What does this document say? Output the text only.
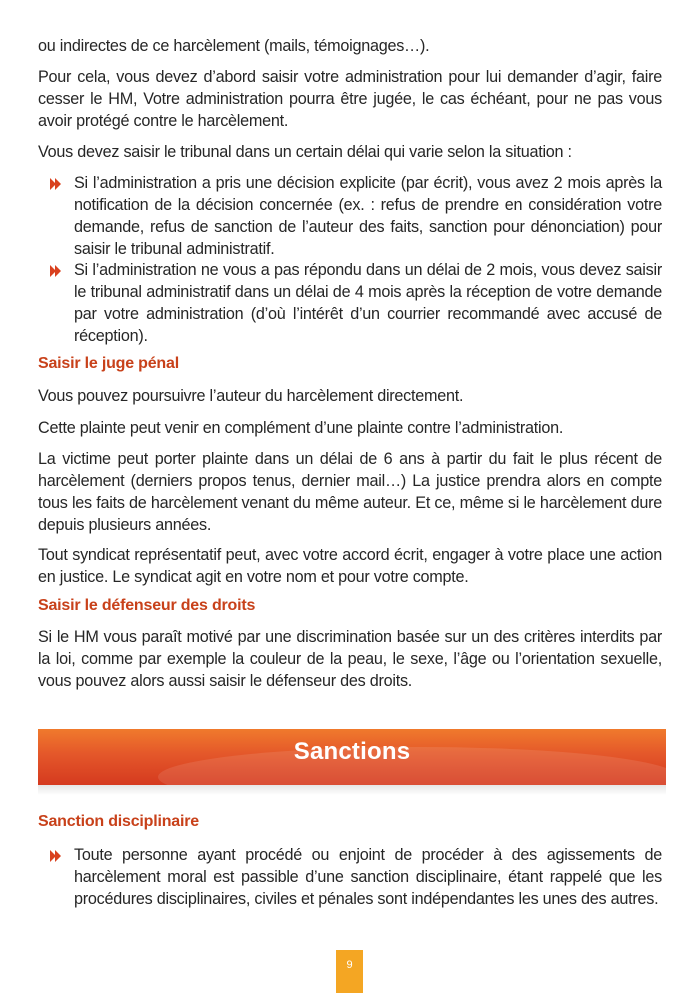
ou indirectes de ce harcèlement (mails, témoignages…).

Pour cela, vous devez d’abord saisir votre administration pour lui demander d’agir, faire cesser le HM, Votre administration pourra être jugée, le cas échéant, pour ne pas vous avoir protégé contre le harcèlement.

Vous devez saisir le tribunal dans un certain délai qui varie selon la situation :

Si l’administration a pris une décision explicite (par écrit), vous avez 2 mois après la notification de la décision concernée (ex. : refus de prendre en considération votre demande, refus de sanction de l’auteur des faits, sanction pour dénonciation) pour saisir le tribunal administratif.
Si l’administration ne vous a pas répondu dans un délai de 2 mois, vous devez saisir le tribunal administratif dans un délai de 4 mois après la réception de votre demande par votre administration (d’où l’intérêt d’un courrier recommandé avec accusé de réception).
Saisir le juge pénal

Vous pouvez poursuivre l’auteur du harcèlement directement.

Cette plainte peut venir en complément d’une plainte contre l’administration.

La victime peut porter plainte dans un délai de 6 ans à partir du fait le plus récent de harcèlement (derniers propos tenus, dernier mail…) La justice prendra alors en compte tous les faits de harcèlement venant du même auteur. Et ce, même si le harcèlement dure depuis plusieurs années.

Tout syndicat représentatif peut, avec votre accord écrit, engager à votre place une action en justice. Le syndicat agit en votre nom et pour votre compte.

Saisir le défenseur des droits

Si le HM vous paraît motivé par une discrimination basée sur un des critères interdits par la loi, comme par exemple la couleur de la peau, le sexe, l’âge ou l’orientation sexuelle, vous pouvez alors aussi saisir le défenseur des droits.

Sanctions
Sanction disciplinaire
Toute personne ayant procédé ou enjoint de procéder à des agissements de harcèlement moral est passible d’une sanction disciplinaire, étant rappelé que les procédures disciplinaires, civiles et pénales sont indépendantes les unes des autres.
9
